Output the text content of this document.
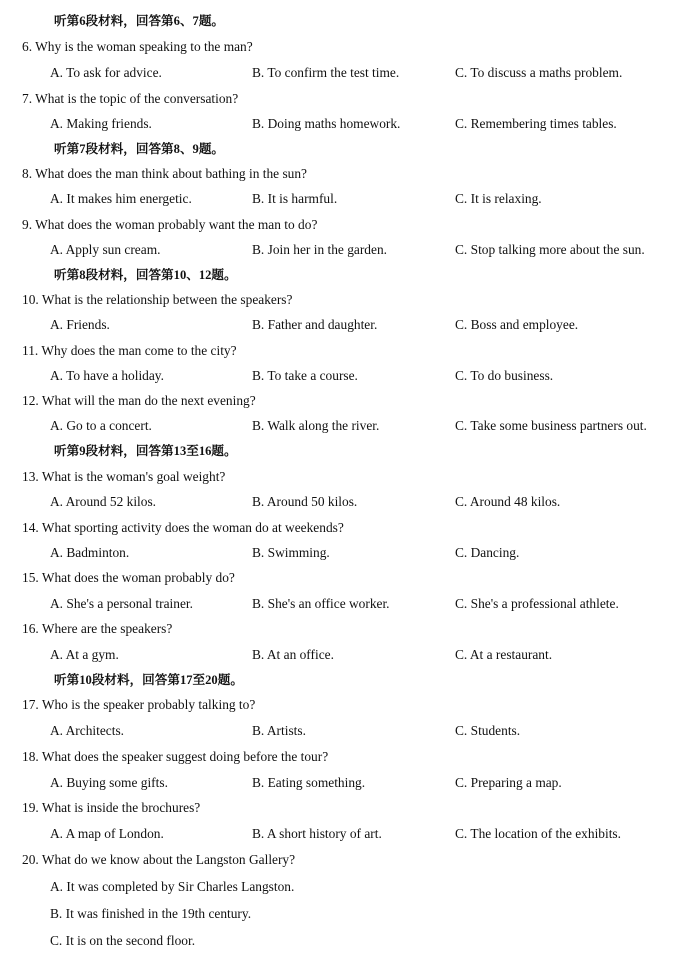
听第6段材料，回答第6、7题。
6. Why is the woman speaking to the man?
A. To ask for advice.	B. To confirm the test time.	C. To discuss a maths problem.
7. What is the topic of the conversation?
A. Making friends.	B. Doing maths homework.	C. Remembering times tables.
听第7段材料，回答第8、9题。
8. What does the man think about bathing in the sun?
A. It makes him energetic.	B. It is harmful.	C. It is relaxing.
9. What does the woman probably want the man to do?
A. Apply sun cream.	B. Join her in the garden.	C. Stop talking more about the sun.
听第8段材料，回答第10、12题。
10. What is the relationship between the speakers?
A. Friends.	B. Father and daughter.	C. Boss and employee.
11. Why does the man come to the city?
A. To have a holiday.	B. To take a course.	C. To do business.
12. What will the man do the next evening?
A. Go to a concert.	B. Walk along the river.	C. Take some business partners out.
听第9段材料，回答第13至16题。
13. What is the woman's goal weight?
A. Around 52 kilos.	B. Around 50 kilos.	C. Around 48 kilos.
14. What sporting activity does the woman do at weekends?
A. Badminton.	B. Swimming.	C. Dancing.
15. What does the woman probably do?
A. She's a personal trainer.	B. She's an office worker.	C. She's a professional athlete.
16. Where are the speakers?
A. At a gym.	B. At an office.	C. At a restaurant.
听第10段材料，回答第17至20题。
17. Who is the speaker probably talking to?
A. Architects.	B. Artists.	C. Students.
18. What does the speaker suggest doing before the tour?
A. Buying some gifts.	B. Eating something.	C. Preparing a map.
19. What is inside the brochures?
A. A map of London.	B. A short history of art.	C. The location of the exhibits.
20. What do we know about the Langston Gallery?
A. It was completed by Sir Charles Langston.
B. It was finished in the 19th century.
C. It is on the second floor.
